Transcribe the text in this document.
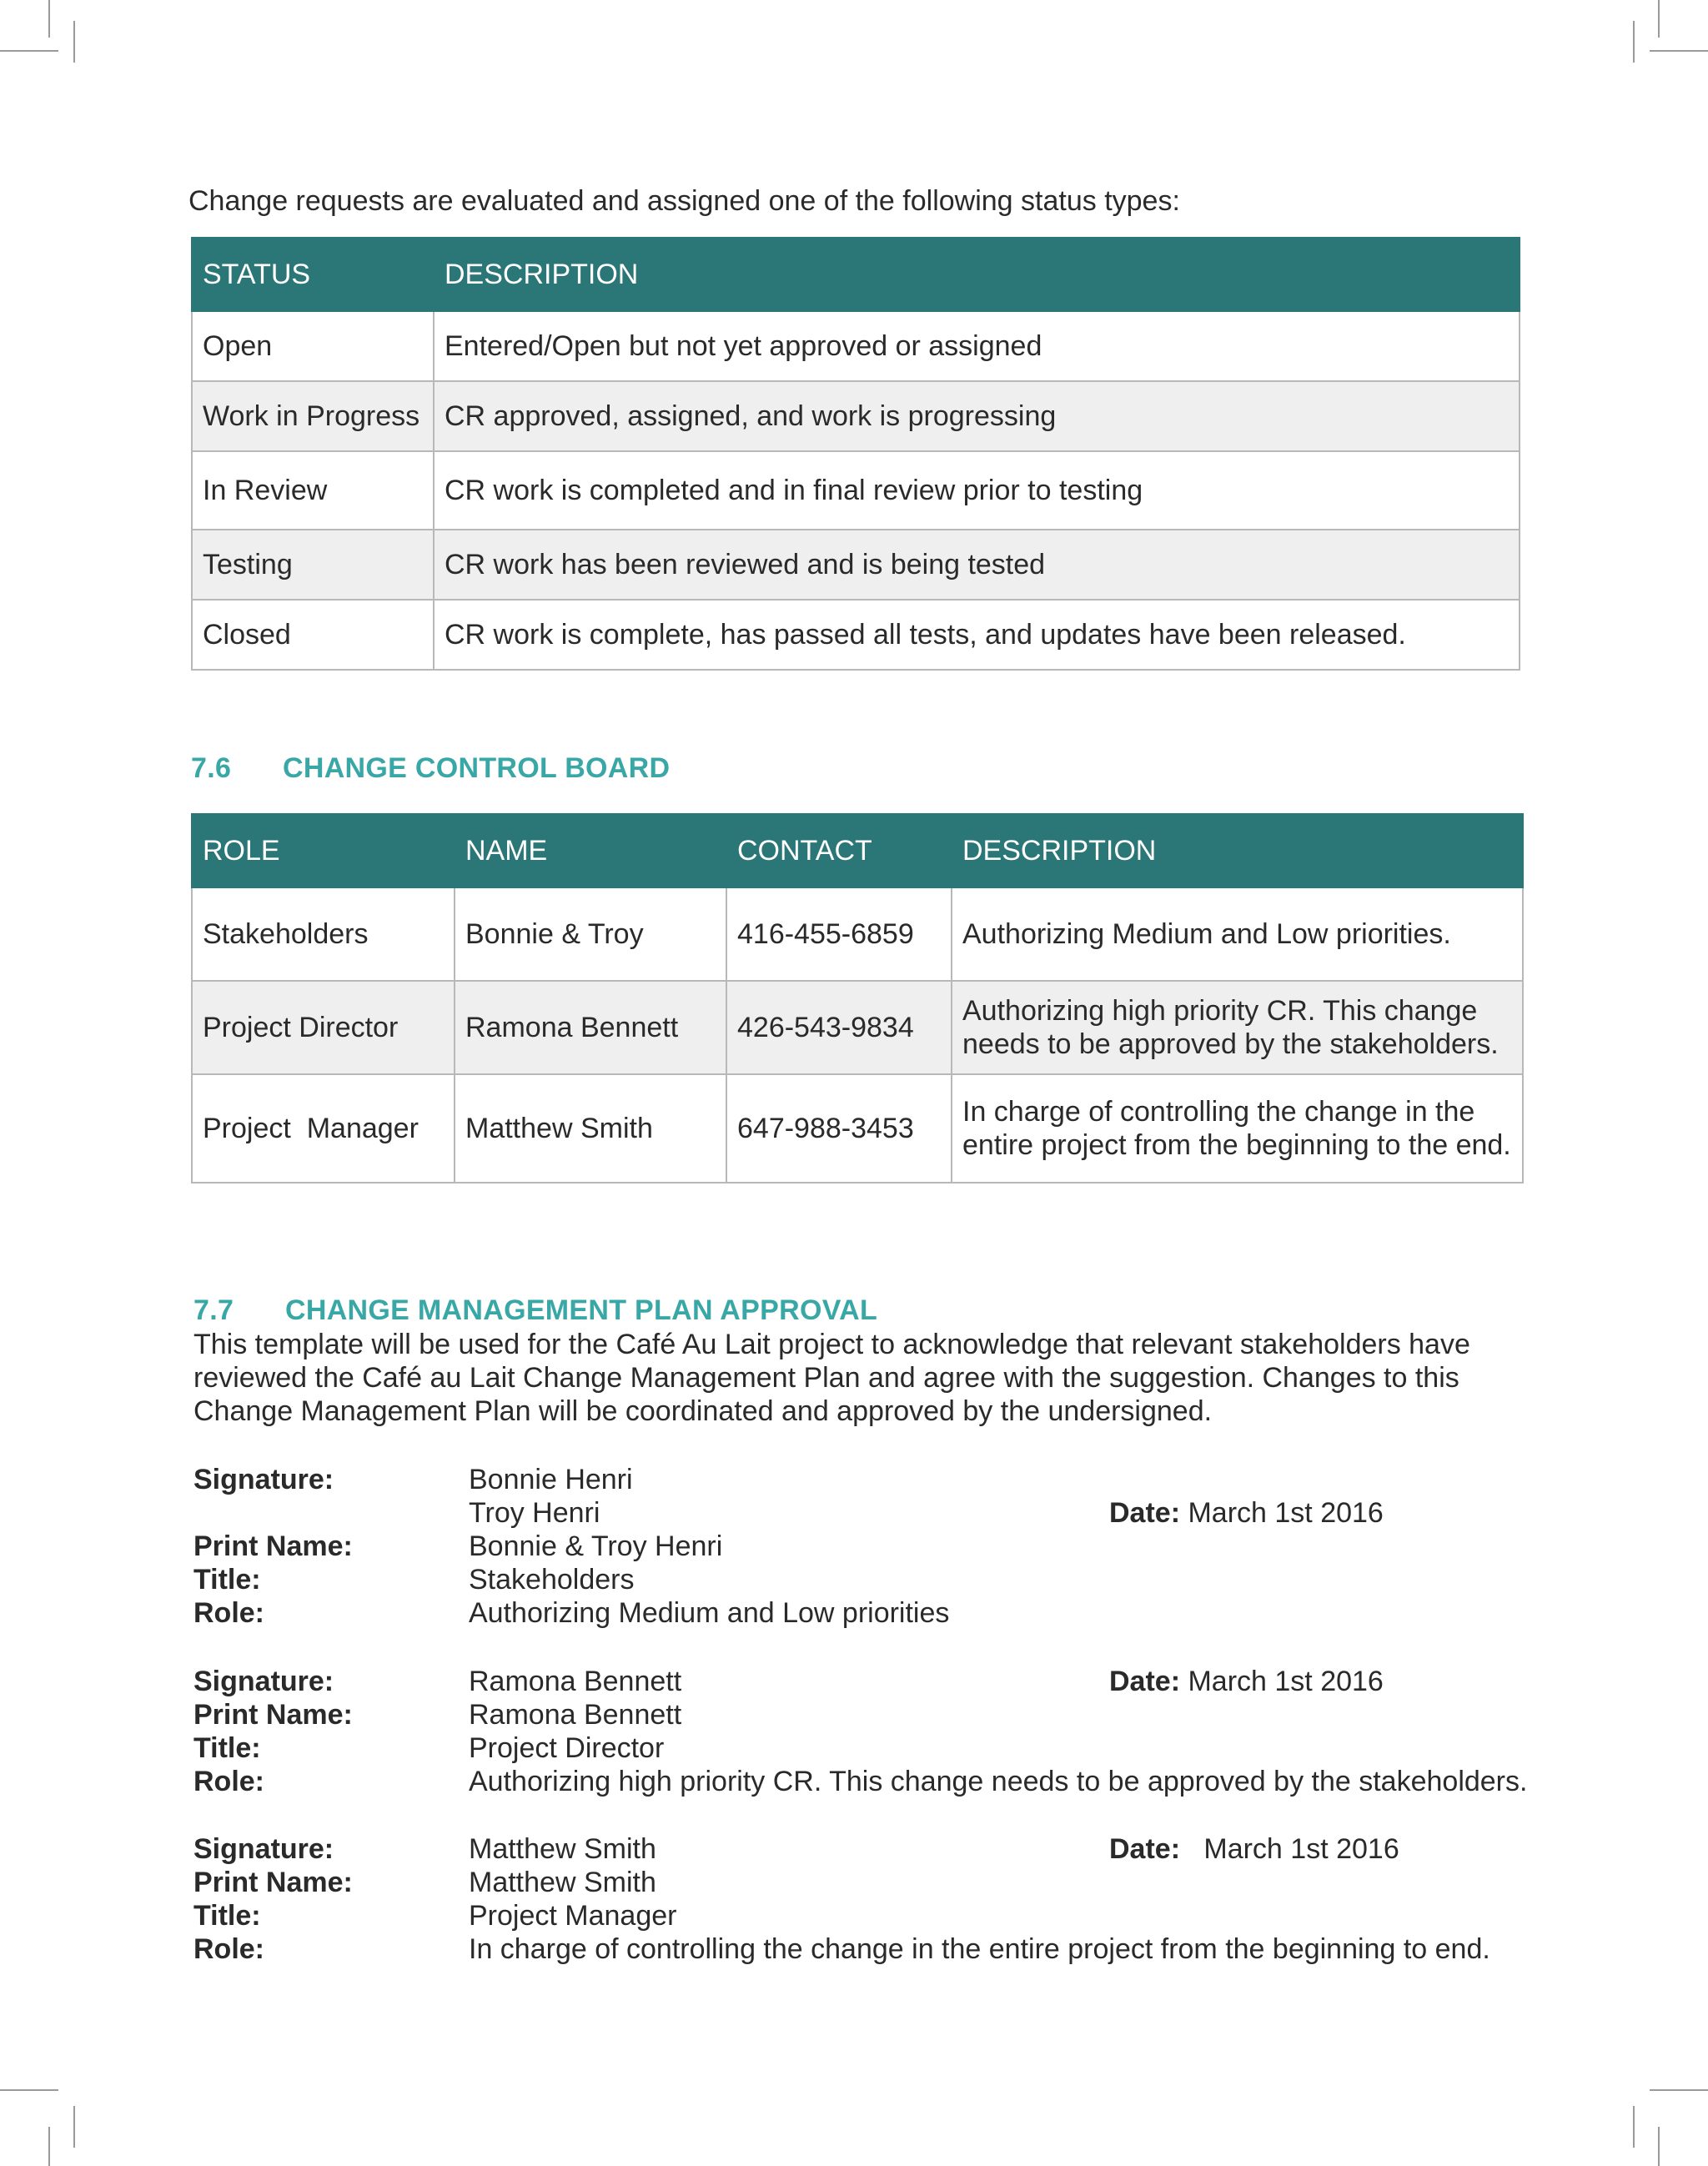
Change requests are evaluated and assigned one of the following status types:

STATUS	DESCRIPTION
Open	Entered/Open but not yet approved or assigned
Work in Progress	CR approved, assigned, and work is progressing
In Review	CR work is completed and in final review prior to testing
Testing	CR work has been reviewed and is being tested
Closed	CR work is complete, has passed all tests, and updates have been released.
7.6 CHANGE CONTROL BOARD
ROLE	NAME	CONTACT	DESCRIPTION
Stakeholders	Bonnie & Troy	416-455-6859	Authorizing Medium and Low priorities.
Project Director	Ramona Bennett	426-543-9834	Authorizing high priority CR. This change needs to be approved by the stakeholders.
Project  Manager	Matthew Smith	647-988-3453	In charge of controlling the change in the entire project from the beginning to the end.
7.7 CHANGE MANAGEMENT PLAN APPROVAL

This template will be used for the Café Au Lait project to acknowledge that relevant stakeholders have reviewed the Café au Lait Change Management Plan and agree with the suggestion. Changes to this Change Management Plan will be coordinated and approved by the undersigned.

Signature:	Bonnie Henri
Troy Henri	Date: March 1st 2016
Print Name:	Bonnie & Troy Henri
Title:	Stakeholders
Role:	Authorizing Medium and Low priorities
Signature:	Ramona Bennett	Date: March 1st 2016
Print Name:	Ramona Bennett
Title:	Project Director
Role:	Authorizing high priority CR. This change needs to be approved by the stakeholders.
Signature:	Matthew Smith	Date: March 1st 2016
Print Name:	Matthew Smith
Title:	Project Manager
Role:	In charge of controlling the change in the entire project from the beginning to end.
